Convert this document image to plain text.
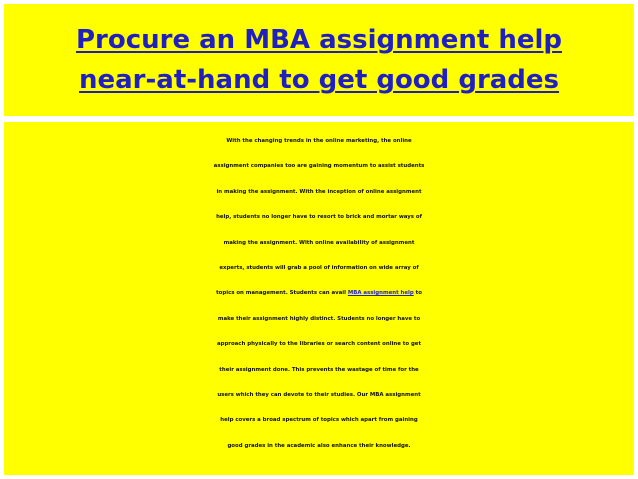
Procure an MBA assignment help
near-at-hand to get good grades
With the changing trends in the online marketing, the online
assignment companies too are gaining momentum to assist students
in making the assignment. With the inception of online assignment
help, students no longer have to resort to brick and mortar ways of
making the assignment. With online availability of assignment
experts, students will grab a pool of information on wide array of
topics on management. Students can avail MBA assignment help to
make their assignment highly distinct. Students no longer have to
approach physically to the libraries or search content online to get
their assignment done. This prevents the wastage of time for the
users which they can devote to their studies. Our MBA assignment
help covers a broad spectrum of topics which apart from gaining
good grades in the academic also enhance their knowledge.
